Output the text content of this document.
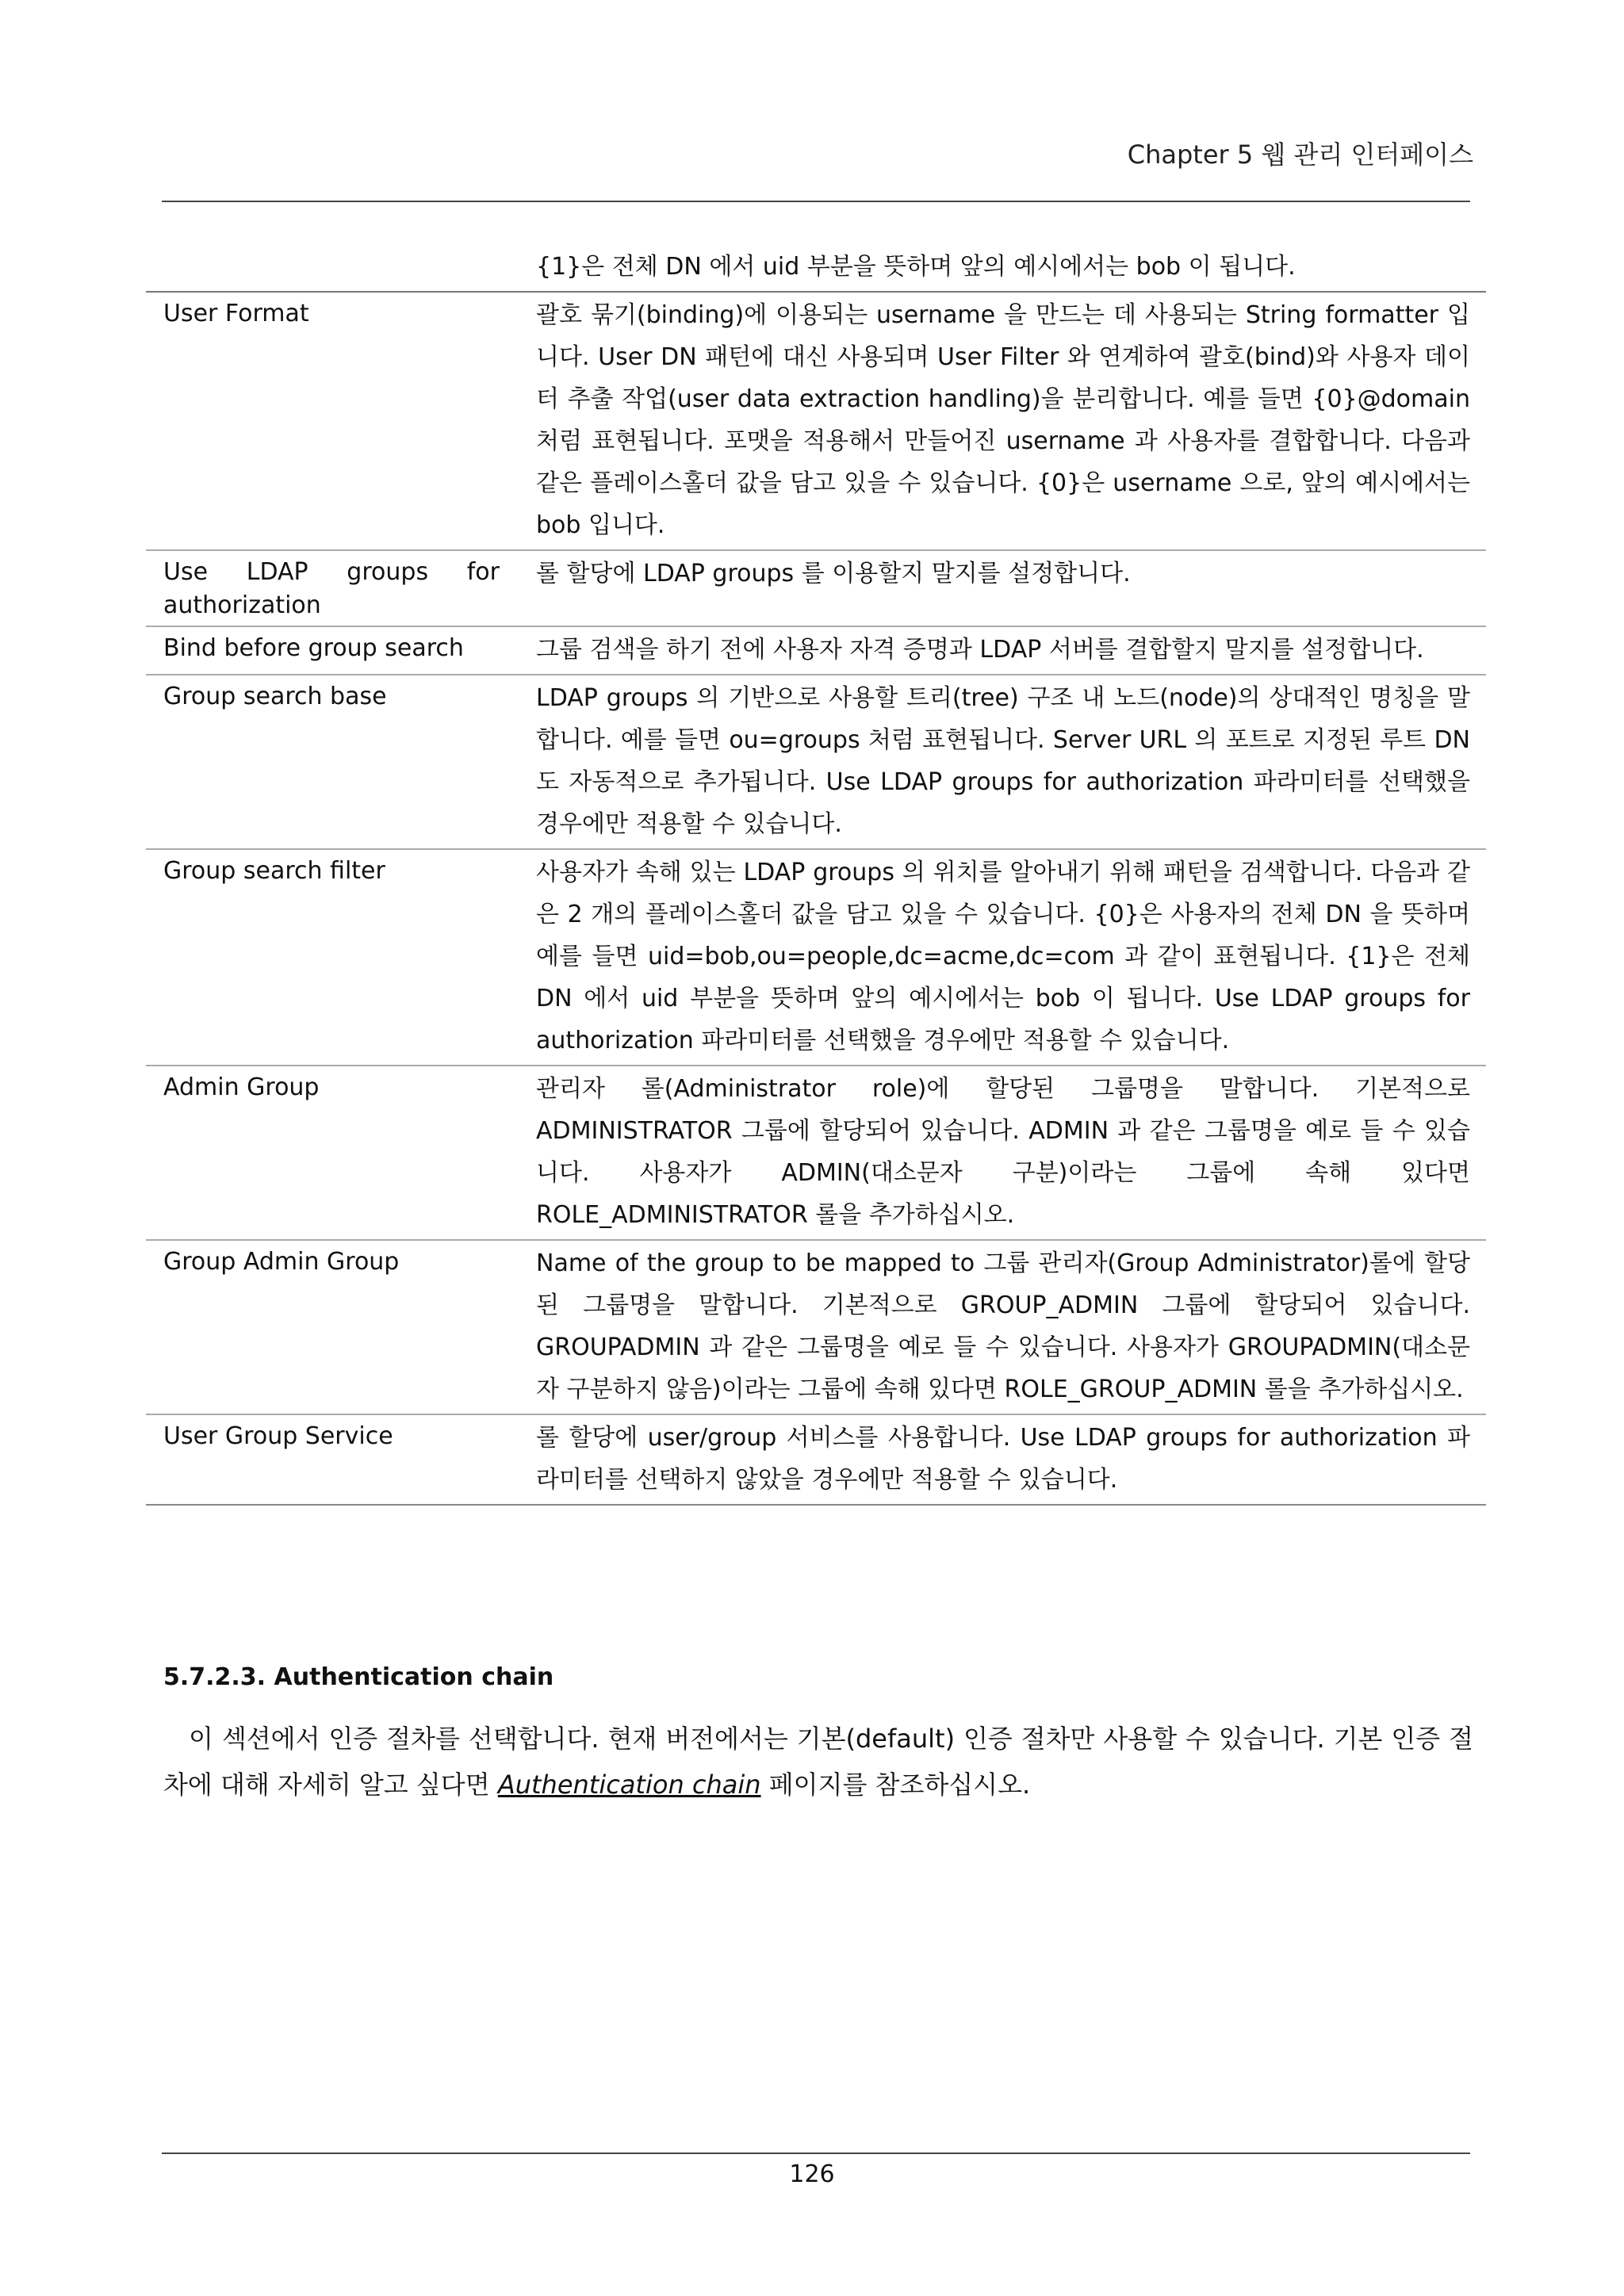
Chapter 5 웹 관리 인터페이스
	{1}은 전체 DN 에서 uid 부분을 뜻하며 앞의 예시에서는 bob 이 됩니다.
User Format	괄호 묶기(binding)에 이용되는 username 을 만드는 데 사용되는 String formatter 입니다. User DN 패턴에 대신 사용되며 User Filter 와 연계하여 괄호(bind)와 사용자 데이터 추출 작업(user data extraction handling)을 분리합니다. 예를 들면 {0}@domain 처럼 표현됩니다. 포맷을 적용해서 만들어진 username 과 사용자를 결합합니다. 다음과 같은 플레이스홀더 값을 담고 있을 수 있습니다. {0}은 username 으로, 앞의 예시에서는 bob 입니다.
Use LDAP groups for authorization	롤 할당에 LDAP groups 를 이용할지 말지를 설정합니다.
Bind before group search	그룹 검색을 하기 전에 사용자 자격 증명과 LDAP 서버를 결합할지 말지를 설정합니다.
Group search base	LDAP groups 의 기반으로 사용할 트리(tree) 구조 내 노드(node)의 상대적인 명칭을 말합니다. 예를 들면 ou=groups 처럼 표현됩니다. Server URL 의 포트로 지정된 루트 DN 도 자동적으로 추가됩니다. Use LDAP groups for authorization 파라미터를 선택했을 경우에만 적용할 수 있습니다.
Group search filter	사용자가 속해 있는 LDAP groups 의 위치를 알아내기 위해 패턴을 검색합니다. 다음과 같은 2 개의 플레이스홀더 값을 담고 있을 수 있습니다. {0}은 사용자의 전체 DN 을 뜻하며 예를 들면 uid=bob,ou=people,dc=acme,dc=com 과 같이 표현됩니다. {1}은 전체 DN 에서 uid 부분을 뜻하며 앞의 예시에서는 bob 이 됩니다. Use LDAP groups for authorization 파라미터를 선택했을 경우에만 적용할 수 있습니다.
Admin Group	관리자 롤(Administrator role)에 할당된 그룹명을 말합니다. 기본적으로 ADMINISTRATOR 그룹에 할당되어 있습니다. ADMIN 과 같은 그룹명을 예로 들 수 있습니다. 사용자가 ADMIN(대소문자 구분)이라는 그룹에 속해 있다면 ROLE_ADMINISTRATOR 롤을 추가하십시오.
Group Admin Group	Name of the group to be mapped to 그룹 관리자(Group Administrator)롤에 할당된 그룹명을 말합니다. 기본적으로 GROUP_ADMIN 그룹에 할당되어 있습니다. GROUPADMIN 과 같은 그룹명을 예로 들 수 있습니다. 사용자가 GROUPADMIN(대소문자 구분하지 않음)이라는 그룹에 속해 있다면 ROLE_GROUP_ADMIN 롤을 추가하십시오.
User Group Service	롤 할당에 user/group 서비스를 사용합니다. Use LDAP groups for authorization 파라미터를 선택하지 않았을 경우에만 적용할 수 있습니다.
5.7.2.3. Authentication chain

이 섹션에서 인증 절차를 선택합니다. 현재 버전에서는 기본(default) 인증 절차만 사용할 수 있습니다. 기본 인증 절차에 대해 자세히 알고 싶다면 Authentication chain 페이지를 참조하십시오.

126
